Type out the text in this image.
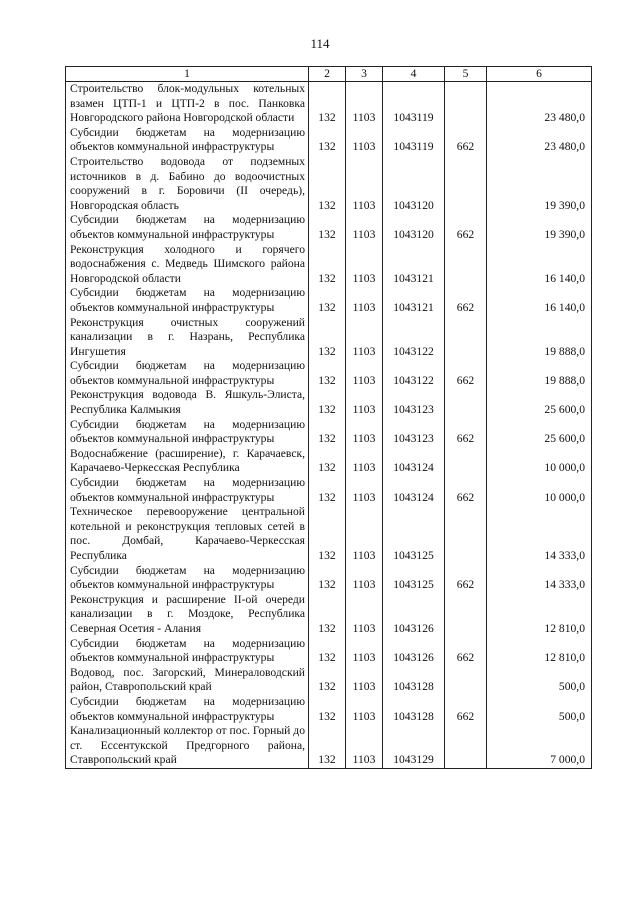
114
1	2	3	4	5	6
Строительство блок-модульных котельных взамен ЦТП-1 и ЦТП-2 в пос. Панковка Новгородского района Новгородской области	132	1103	1043119		23 480,0
Субсидии бюджетам на модернизацию объектов коммунальной инфраструктуры	132	1103	1043119	662	23 480,0
Строительство водовода от подземных источников в д. Бабино до водоочистных сооружений в г. Боровичи (II очередь), Новгородская область	132	1103	1043120		19 390,0
Субсидии бюджетам на модернизацию объектов коммунальной инфраструктуры	132	1103	1043120	662	19 390,0
Реконструкция холодного и горячего водоснабжения с. Медведь Шимского района Новгородской области	132	1103	1043121		16 140,0
Субсидии бюджетам на модернизацию объектов коммунальной инфраструктуры	132	1103	1043121	662	16 140,0
Реконструкция очистных сооружений канализации в г. Назрань, Республика Ингушетия	132	1103	1043122		19 888,0
Субсидии бюджетам на модернизацию объектов коммунальной инфраструктуры	132	1103	1043122	662	19 888,0
Реконструкция водовода В. Яшкуль-Элиста, Республика Калмыкия	132	1103	1043123		25 600,0
Субсидии бюджетам на модернизацию объектов коммунальной инфраструктуры	132	1103	1043123	662	25 600,0
Водоснабжение (расширение), г. Карачаевск, Карачаево-Черкесская Республика	132	1103	1043124		10 000,0
Субсидии бюджетам на модернизацию объектов коммунальной инфраструктуры	132	1103	1043124	662	10 000,0
Техническое перевооружение центральной котельной и реконструкция тепловых сетей в пос. Домбай, Карачаево-Черкесская Республика	132	1103	1043125		14 333,0
Субсидии бюджетам на модернизацию объектов коммунальной инфраструктуры	132	1103	1043125	662	14 333,0
Реконструкция и расширение II-ой очереди канализации в г. Моздоке, Республика Северная Осетия - Алания	132	1103	1043126		12 810,0
Субсидии бюджетам на модернизацию объектов коммунальной инфраструктуры	132	1103	1043126	662	12 810,0
Водовод, пос. Загорский, Минераловодский район, Ставропольский край	132	1103	1043128		500,0
Субсидии бюджетам на модернизацию объектов коммунальной инфраструктуры	132	1103	1043128	662	500,0
Канализационный коллектор от пос. Горный до ст. Ессентукской Предгорного района, Ставропольский край	132	1103	1043129		7 000,0
